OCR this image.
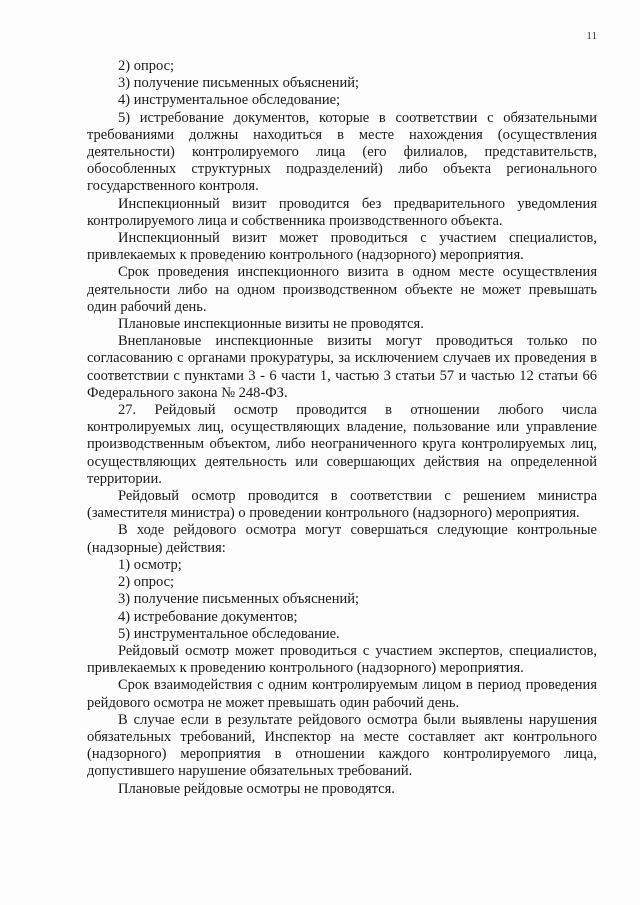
11

2) опрос;

3) получение письменных объяснений;

4) инструментальное обследование;

5) истребование документов, которые в соответствии с обязательными требованиями должны находиться в месте нахождения (осуществления деятельности) контролируемого лица (его филиалов, представительств, обособленных структурных подразделений) либо объекта регионального государственного контроля.

Инспекционный визит проводится без предварительного уведомления контролируемого лица и собственника производственного объекта.

Инспекционный визит может проводиться с участием специалистов, привлекаемых к проведению контрольного (надзорного) мероприятия.

Срок проведения инспекционного визита в одном месте осуществления деятельности либо на одном производственном объекте не может превышать один рабочий день.

Плановые инспекционные визиты не проводятся.

Внеплановые инспекционные визиты могут проводиться только по согласованию с органами прокуратуры, за исключением случаев их проведения в соответствии с пунктами 3 - 6 части 1, частью 3 статьи 57 и частью 12 статьи 66 Федерального закона № 248-ФЗ.

27. Рейдовый осмотр проводится в отношении любого числа контролируемых лиц, осуществляющих владение, пользование или управление производственным объектом, либо неограниченного круга контролируемых лиц, осуществляющих деятельность или совершающих действия на определенной территории.

Рейдовый осмотр проводится в соответствии с решением министра (заместителя министра) о проведении контрольного (надзорного) мероприятия.

В ходе рейдового осмотра могут совершаться следующие контрольные (надзорные) действия:

1) осмотр;

2) опрос;

3) получение письменных объяснений;

4) истребование документов;

5) инструментальное обследование.

Рейдовый осмотр может проводиться с участием экспертов, специалистов, привлекаемых к проведению контрольного (надзорного) мероприятия.

Срок взаимодействия с одним контролируемым лицом в период проведения рейдового осмотра не может превышать один рабочий день.

В случае если в результате рейдового осмотра были выявлены нарушения обязательных требований, Инспектор на месте составляет акт контрольного (надзорного) мероприятия в отношении каждого контролируемого лица, допустившего нарушение обязательных требований.

Плановые рейдовые осмотры не проводятся.
